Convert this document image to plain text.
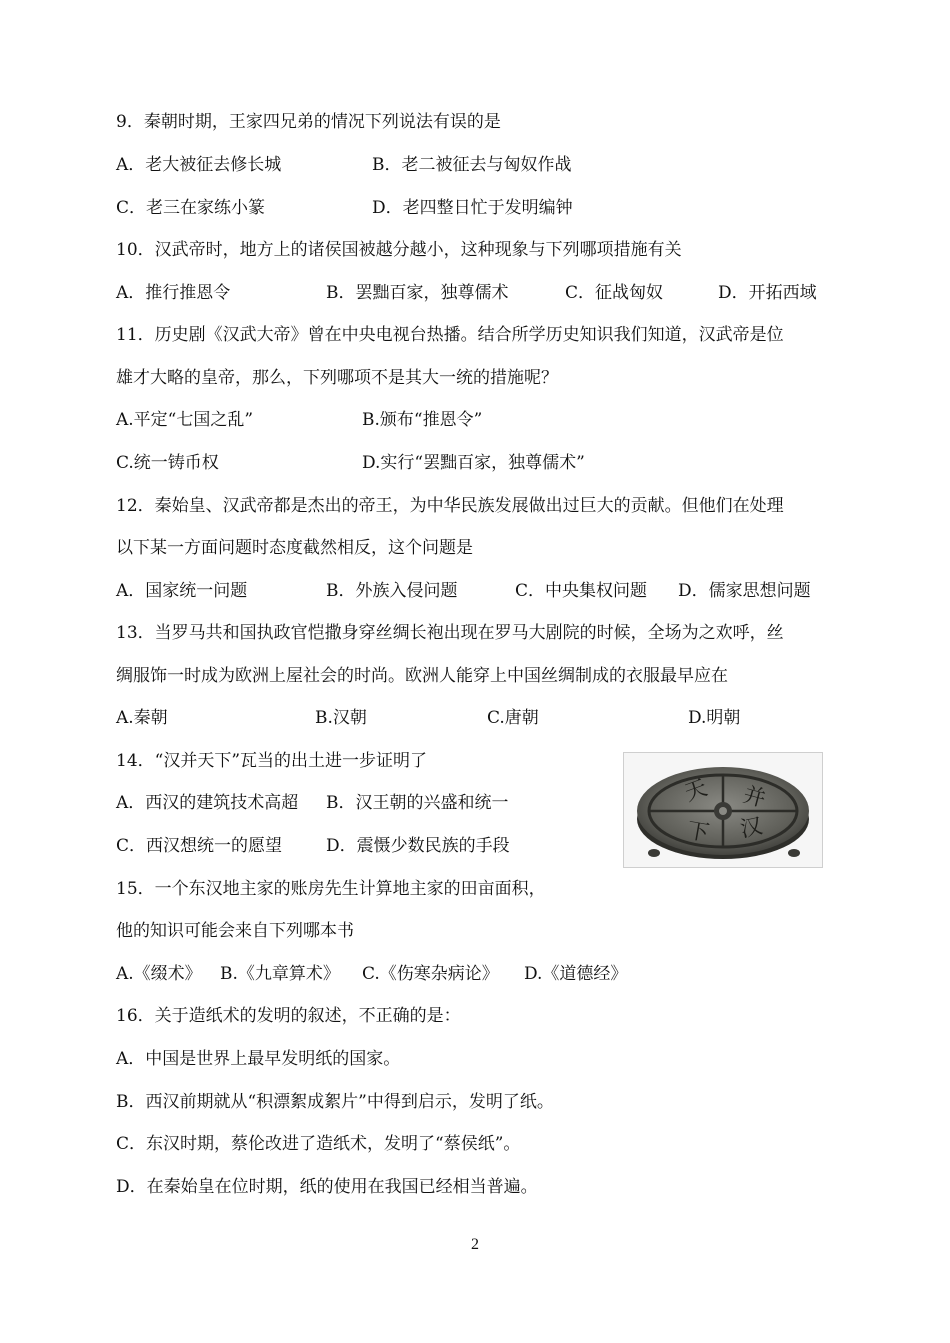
9．秦朝时期，王家四兄弟的情况下列说法有误的是
A．老大被征去修长城	B．老二被征去与匈奴作战
C．老三在家练小篆	D．老四整日忙于发明编钟
10．汉武帝时，地方上的诸侯国被越分越小，这种现象与下列哪项措施有关
A．推行推恩令	B．罢黜百家，独尊儒术	C．征战匈奴	D．开拓西域
11．历史剧《汉武大帝》曾在中央电视台热播。结合所学历史知识我们知道，汉武帝是位
雄才大略的皇帝，那么，下列哪项不是其大一统的措施呢？
A.平定“七国之乱”	B.颁布“推恩令”
C.统一铸币权	D.实行“罢黜百家，独尊儒术”
12．秦始皇、汉武帝都是杰出的帝王，为中华民族发展做出过巨大的贡献。但他们在处理
以下某一方面问题时态度截然相反，这个问题是
A．国家统一问题	B．外族入侵问题	C．中央集权问题 D．儒家思想问题
13．当罗马共和国执政官恺撒身穿丝绸长袍出现在罗马大剧院的时候，全场为之欢呼，丝
绸服饰一时成为欧洲上屋社会的时尚。欧洲人能穿上中国丝绸制成的衣服最早应在
A.秦朝	B.汉朝	C.唐朝	D.明朝
14．“汉并天下”瓦当的出土进一步证明了
A．西汉的建筑技术高超 B．汉王朝的兴盛和统一
C．西汉想统一的愿望	D．震慑少数民族的手段
天 并
下 汉
15．一个东汉地主家的账房先生计算地主家的田亩面积，
他的知识可能会来自下列哪本书
A.《缀术》 B.《九章算术》 C.《伤寒杂病论》 D.《道德经》
16．关于造纸术的发明的叙述，不正确的是：
A．中国是世界上最早发明纸的国家。
B．西汉前期就从“积漂絮成絮片”中得到启示，发明了纸。
C．东汉时期，蔡伦改进了造纸术，发明了“蔡侯纸”。
D．在秦始皇在位时期，纸的使用在我国已经相当普遍。
2
